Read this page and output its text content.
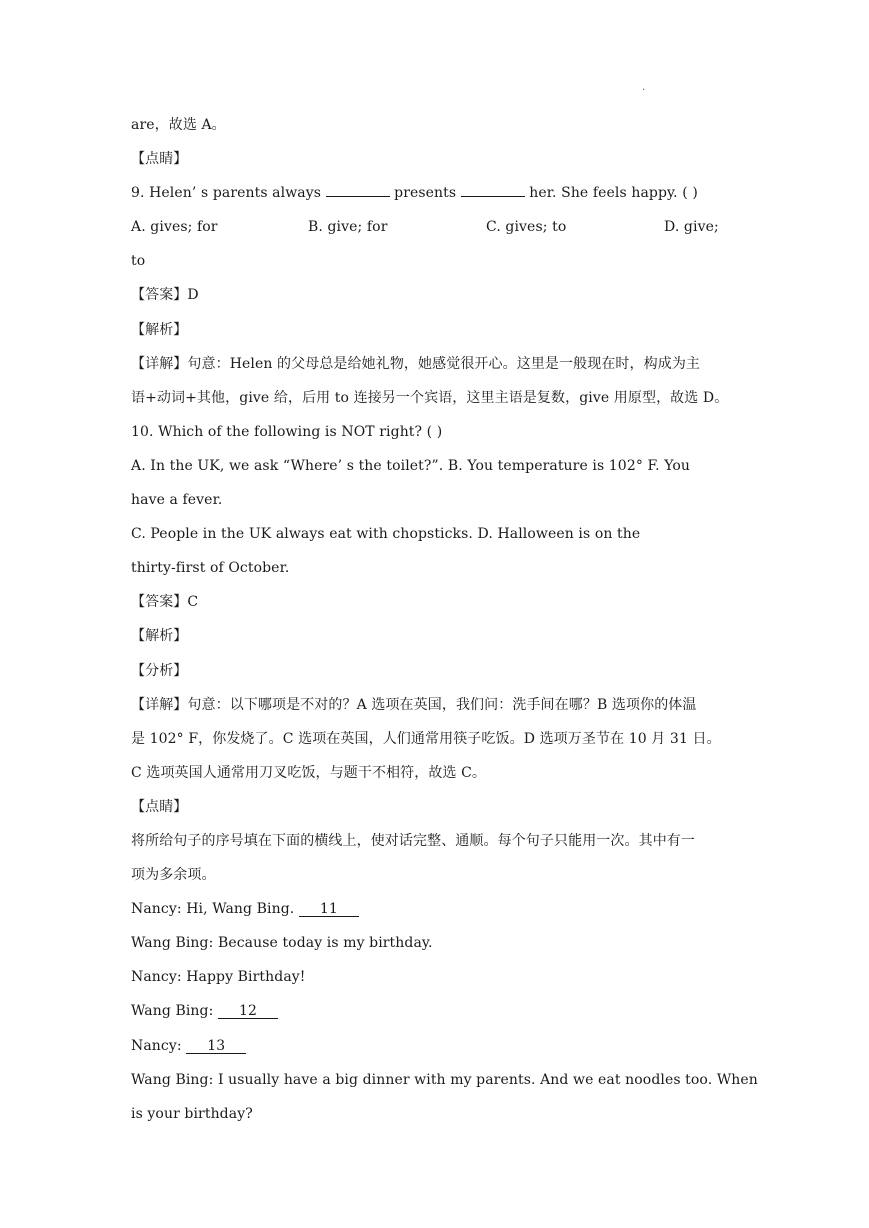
.
are，故选 A。
【点睛】
9. Helen’ s parents always	presents	her. She feels happy. ( )
A. gives; for	B. give; for	C. gives; to	D. give;
to
【答案】D
【解析】
【详解】句意：Helen 的父母总是给她礼物，她感觉很开心。这里是一般现在时，构成为主
语+动词+其他，give 给，后用 to 连接另一个宾语，这里主语是复数，give 用原型，故选 D。
10. Which of the following is NOT right? ( )
A. In the UK, we ask “Where’ s the toilet?”. B. You temperature is 102° F. You
have a fever.
C. People in the UK always eat with chopsticks. D. Halloween is on the
thirty-first of October.
【答案】C
【解析】
【分析】
【详解】句意：以下哪项是不对的？A 选项在英国，我们问：洗手间在哪？B 选项你的体温
是 102° F，你发烧了。C 选项在英国，人们通常用筷子吃饭。D 选项万圣节在 10 月 31 日。
C 选项英国人通常用刀叉吃饭，与题干不相符，故选 C。
【点睛】
将所给句子的序号填在下面的横线上，使对话完整、通顺。每个句子只能用一次。其中有一
项为多余项。
Nancy: Hi, Wang Bing. 11
Wang Bing: Because today is my birthday.
Nancy: Happy Birthday!
Wang Bing: 12
Nancy: 13
Wang Bing: I usually have a big dinner with my parents. And we eat noodles too. When
is your birthday?
